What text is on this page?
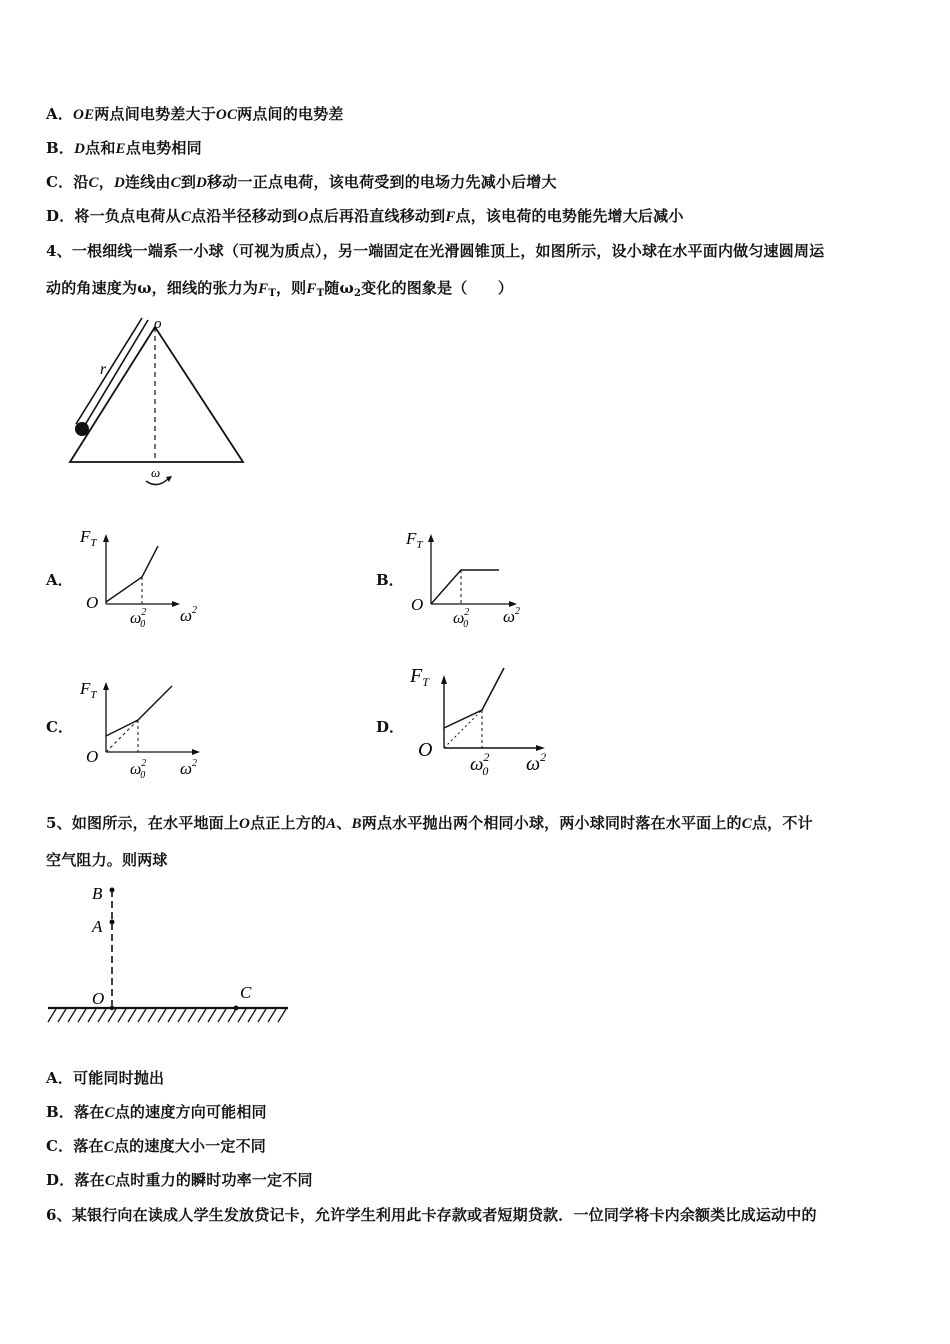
A．OE两点间电势差大于OC两点间的电势差
B．D点和E点电势相同
C．沿C，D连线由C到D移动一正点电荷，该电荷受到的电场力先减小后增大
D．将一负点电荷从C点沿半径移动到O点后再沿直线移动到F点，该电荷的电势能先增大后减小
4、一根细线一端系一小球（可视为质点），另一端固定在光滑圆锥顶上，如图所示，设小球在水平面内做匀速圆周运
动的角速度为ω，细线的张力为$F_T$，则$F_T$随$\omega_2$变化的图象是（　　）
o
r
ω
A．	B．
C．	D．
$F_T$
O
$\omega^2$ 0 $\omega^2$
$F_T$
O
$\omega^2$ 0 $\omega^2$
$F_T$
O
$\omega^2$ 0 $\omega^2$
$F_T$
O
$\omega^2$ 0 $\omega^2$
5、如图所示，在水平地面上O点正上方的A、B两点水平抛出两个相同小球，两小球同时落在水平面上的C点，不计
空气阻力。则两球
B
A
O	C
A．可能同时抛出
B．落在C点的速度方向可能相同
C．落在C点的速度大小一定不同
D．落在C点时重力的瞬时功率一定不同
6、某银行向在读成人学生发放贷记卡，允许学生利用此卡存款或者短期贷款．一位同学将卡内余额类比成运动中的
